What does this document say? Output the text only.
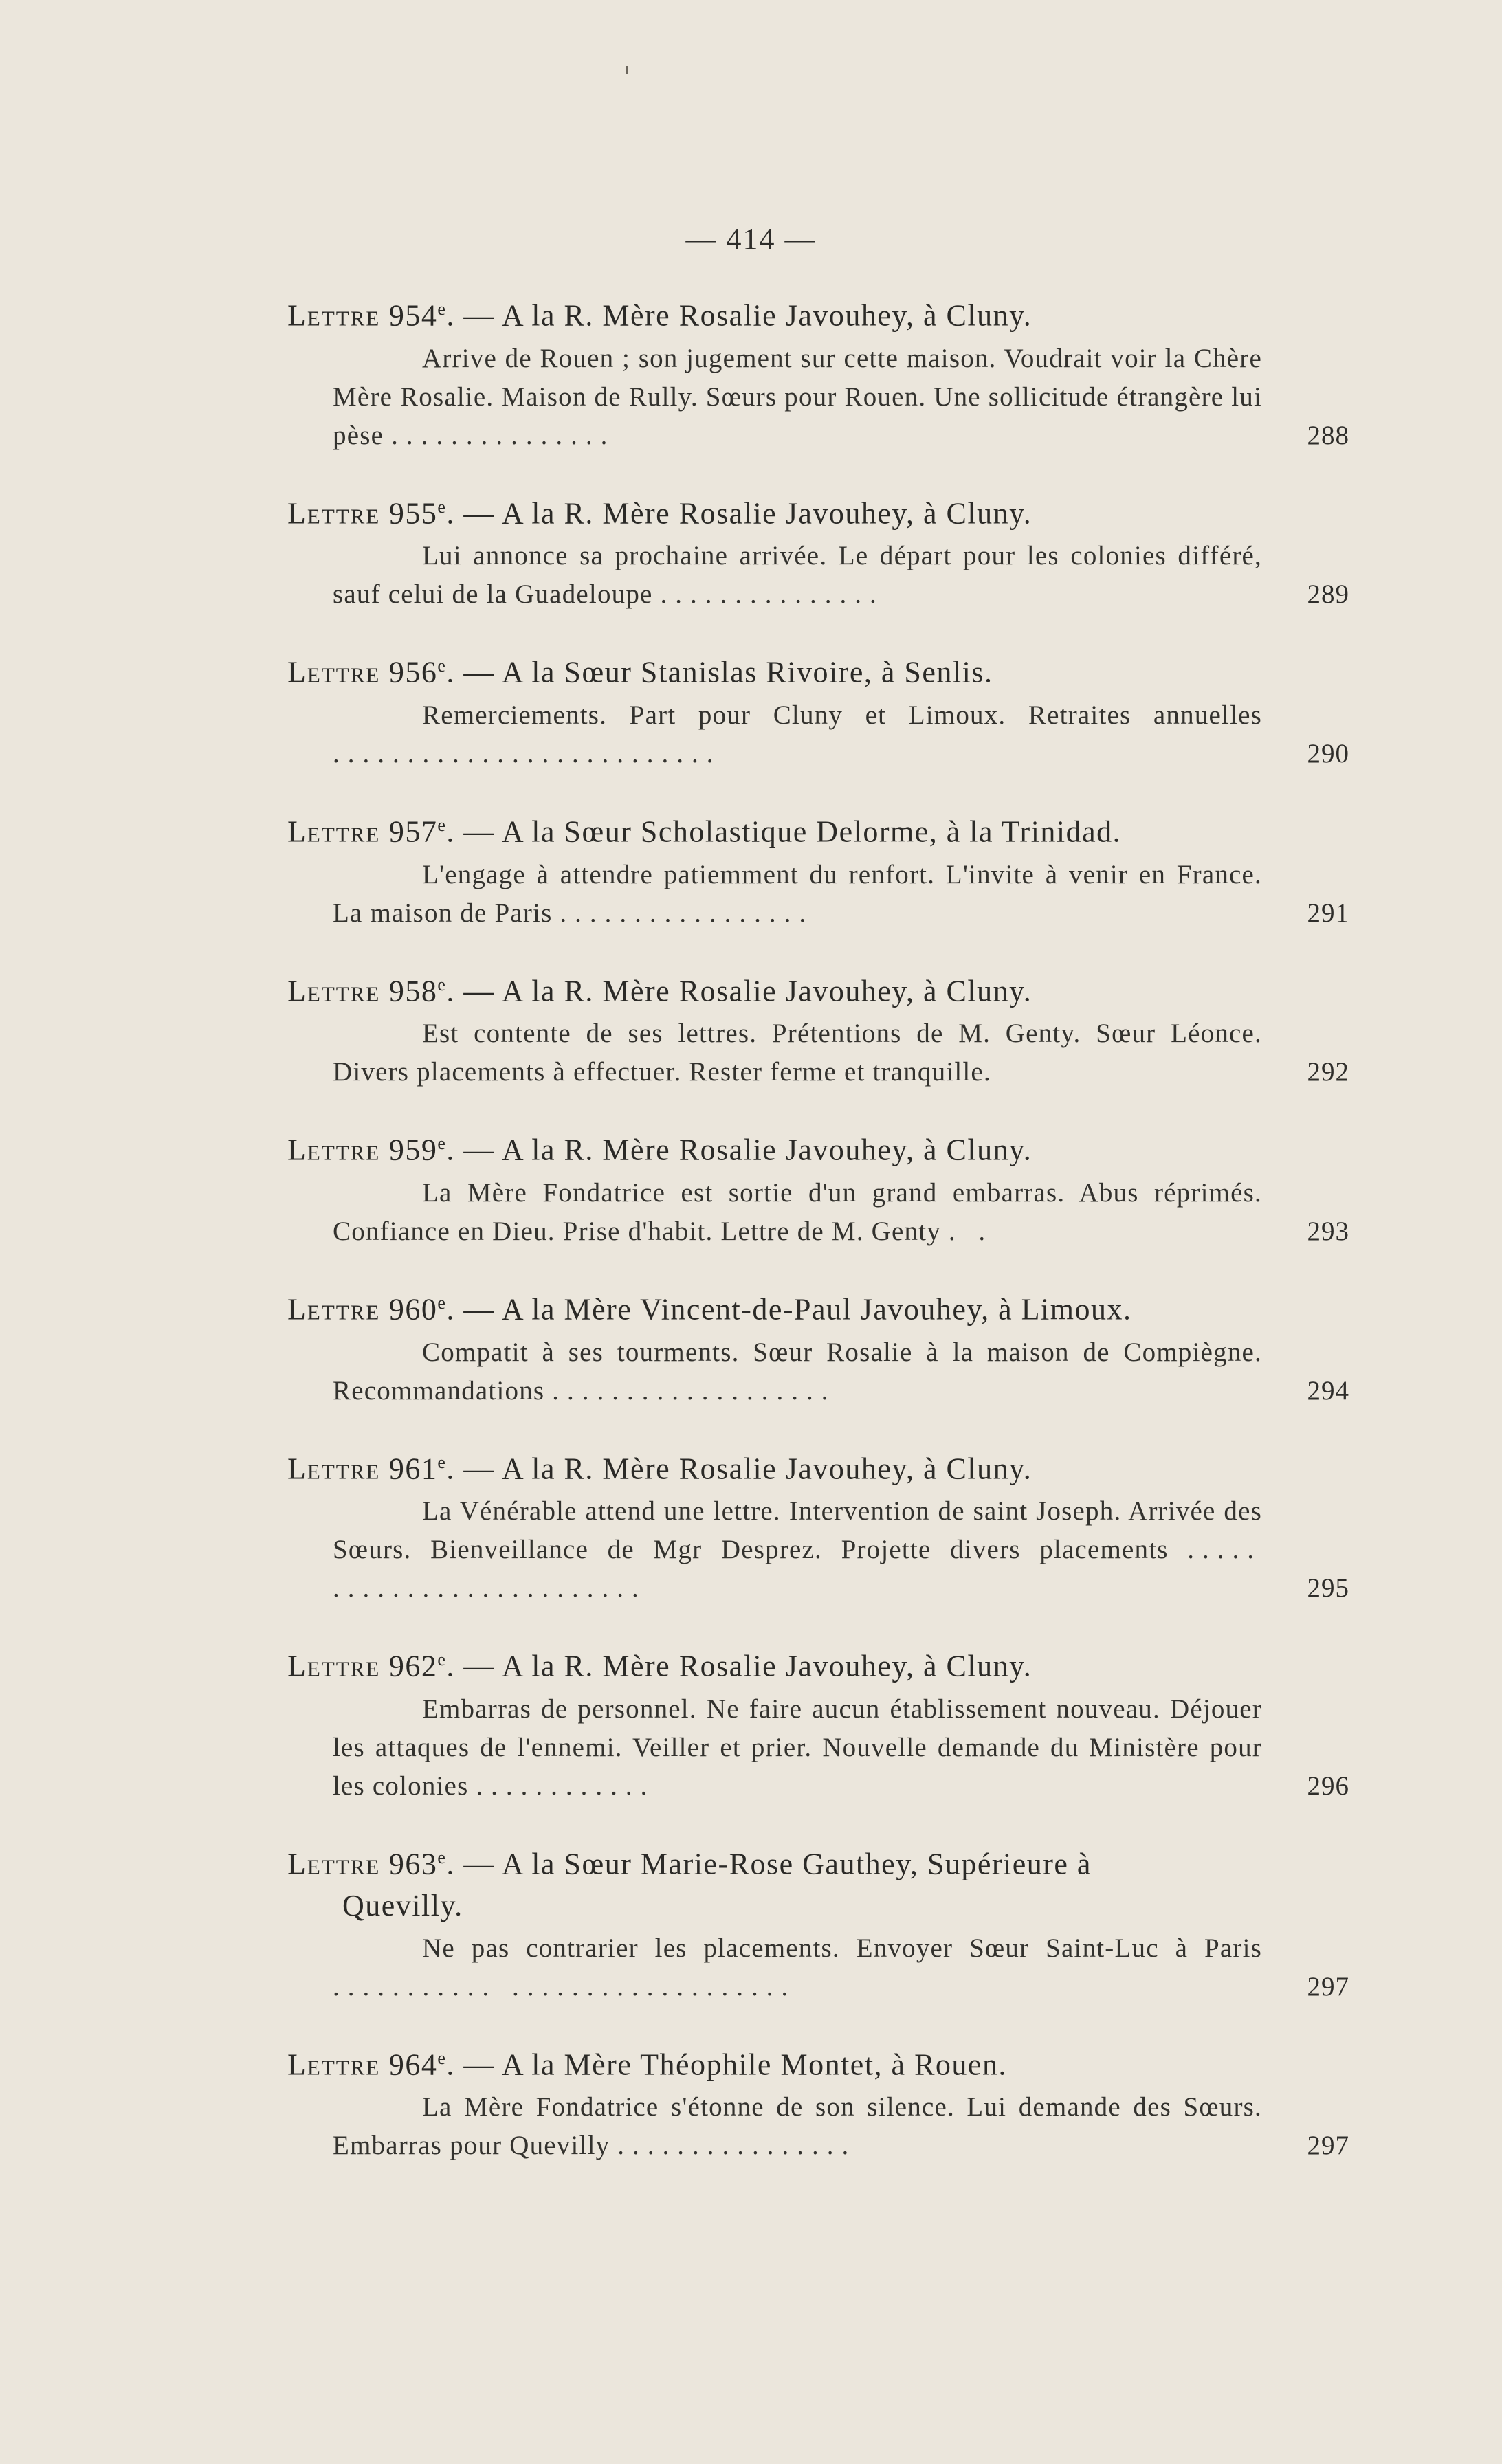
— 414 —
Lettre 954e. — A la R. Mère Rosalie Javouhey, à Cluny.
Arrive de Rouen ; son jugement sur cette maison. Voudrait voir la Chère Mère Rosalie. Maison de Rully. Sœurs pour Rouen. Une sollicitude étrangère lui pèse ...............	288
Lettre 955e. — A la R. Mère Rosalie Javouhey, à Cluny.
Lui annonce sa prochaine arrivée. Le départ pour les colonies différé, sauf celui de la Guadeloupe ...............	289
Lettre 956e. — A la Sœur Stanislas Rivoire, à Senlis.
Remerciements. Part pour Cluny et Limoux. Retraites annuelles ..........................	290
Lettre 957e. — A la Sœur Scholastique Delorme, à la Trinidad.
L'engage à attendre patiemment du renfort. L'invite à venir en France. La maison de Paris .................	291
Lettre 958e. — A la R. Mère Rosalie Javouhey, à Cluny.
Est contente de ses lettres. Prétentions de M. Genty. Sœur Léonce. Divers placements à effectuer. Rester ferme et tranquille.	292
Lettre 959e. — A la R. Mère Rosalie Javouhey, à Cluny.
La Mère Fondatrice est sortie d'un grand embarras. Abus réprimés. Confiance en Dieu. Prise d'habit. Lettre de M. Genty . .	293
Lettre 960e. — A la Mère Vincent-de-Paul Javouhey, à Limoux.
Compatit à ses tourments. Sœur Rosalie à la maison de Compiègne. Recommandations ...................	294
Lettre 961e. — A la R. Mère Rosalie Javouhey, à Cluny.
La Vénérable attend une lettre. Intervention de saint Joseph. Arrivée des Sœurs. Bienveillance de Mgr Desprez. Projette divers placements ..... .....................	295
Lettre 962e. — A la R. Mère Rosalie Javouhey, à Cluny.
Embarras de personnel. Ne faire aucun établissement nouveau. Déjouer les attaques de l'ennemi. Veiller et prier. Nouvelle demande du Ministère pour les colonies ............	296
Lettre 963e. — A la Sœur Marie-Rose Gauthey, Supérieure à
Quevilly.
Ne pas contrarier les placements. Envoyer Sœur Saint-Luc à Paris ........... ...................	297
Lettre 964e. — A la Mère Théophile Montet, à Rouen.
La Mère Fondatrice s'étonne de son silence. Lui demande des Sœurs. Embarras pour Quevilly ................	297
